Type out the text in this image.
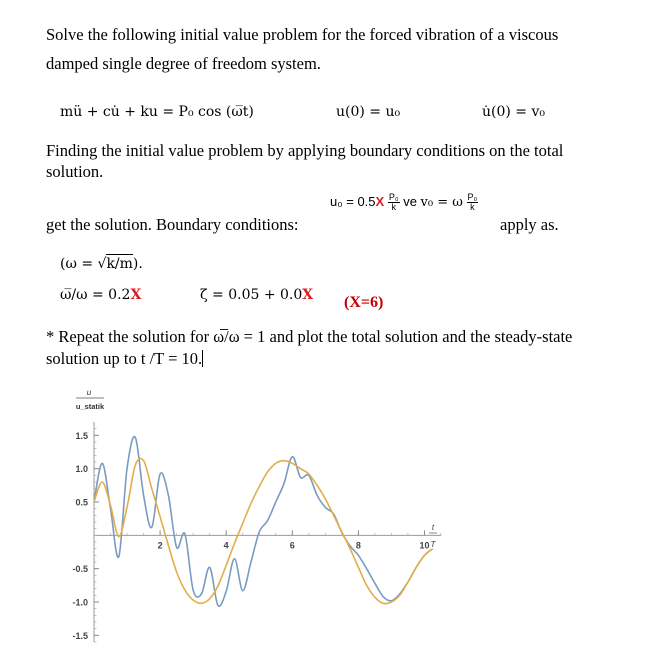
Solve the following initial value problem for the forced vibration of a viscous
damped single degree of freedom system.
mü + cu̇ + ku = P₀ cos (ω̅t)	u(0) = u₀	u̇(0) = v₀
Finding the initial value problem by applying boundary conditions on the total
solution.
$u_0 = 0.5X \frac{\text{P₀}}{k}$ ve v₀ = ω $\frac{\text{P₀}}{k}$
get the solution. Boundary conditions:	apply as.
(ω = √k/m).
ω̅/ω = 0.2X	ζ = 0.05 + 0.0X (X=6)
* Repeat the solution for ω̅/ω = 1 and plot the total solution and the steady-state
solution up to t /T = 10.
1.5
1.0
0.5
-0.5
-1.0
-1.5
2	4	6	8	10
u
u_statik
t
T
